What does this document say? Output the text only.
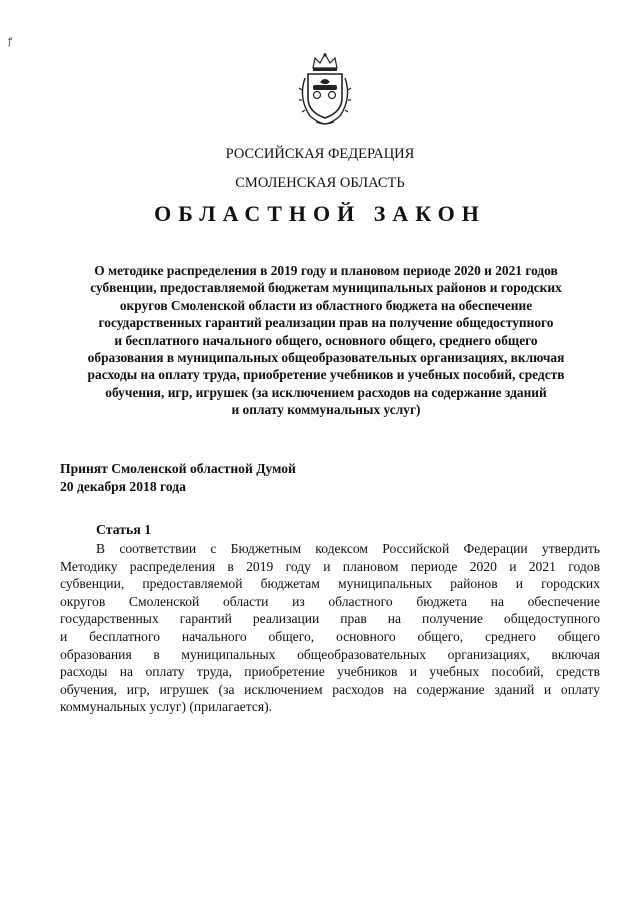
ꝭ
РОССИЙСКАЯ ФЕДЕРАЦИЯ
СМОЛЕНСКАЯ ОБЛАСТЬ
ОБЛАСТНОЙ ЗАКОН
О методике распределения в 2019 году и плановом периоде 2020 и 2021 годов
субвенции, предоставляемой бюджетам муниципальных районов и городских
округов Смоленской области из областного бюджета на обеспечение
государственных гарантий реализации прав на получение общедоступного
и бесплатного начального общего, основного общего, среднего общего
образования в муниципальных общеобразовательных организациях, включая
расходы на оплату труда, приобретение учебников и учебных пособий, средств
обучения, игр, игрушек (за исключением расходов на содержание зданий
и оплату коммунальных услуг)
Принят Смоленской областной Думой
20 декабря 2018 года
Статья 1
В соответствии с Бюджетным кодексом Российской Федерации утвердить
Методику распределения в 2019 году и плановом периоде 2020 и 2021 годов
субвенции, предоставляемой бюджетам муниципальных районов и городских
округов Смоленской области из областного бюджета на обеспечение
государственных гарантий реализации прав на получение общедоступного
и бесплатного начального общего, основного общего, среднего общего
образования в муниципальных общеобразовательных организациях, включая
расходы на оплату труда, приобретение учебников и учебных пособий, средств
обучения, игр, игрушек (за исключением расходов на содержание зданий и оплату
коммунальных услуг) (прилагается).
